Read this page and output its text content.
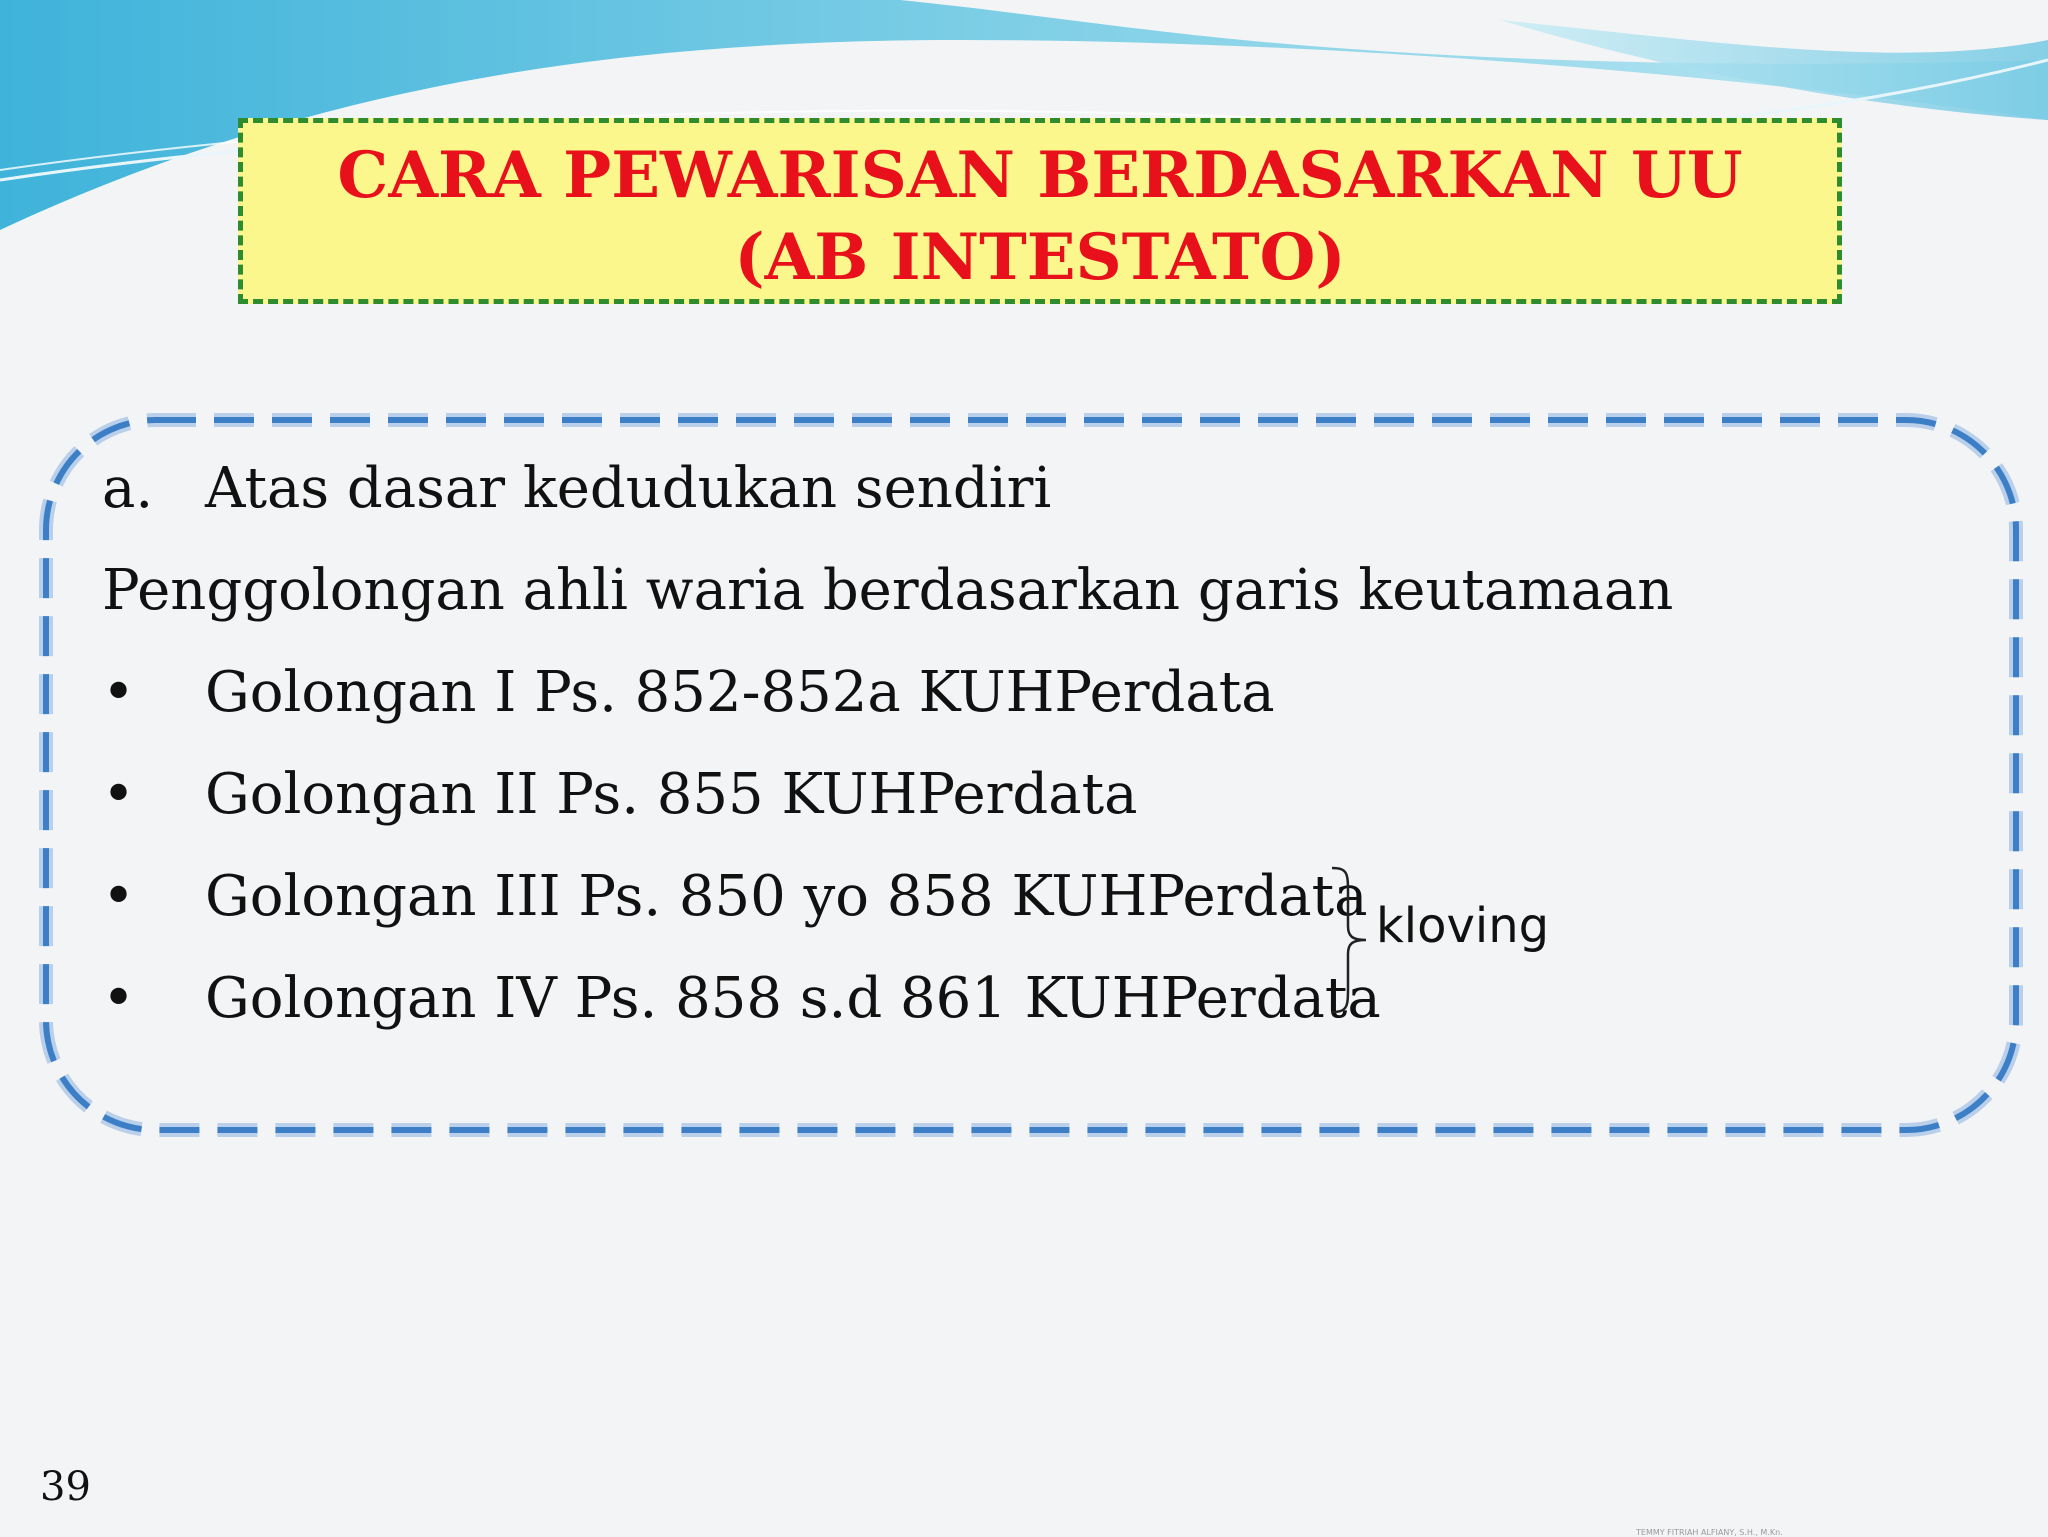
CARA PEWARISAN BERDASARKAN UU
(AB INTESTATO)
a. Atas dasar kedudukan sendiri
Penggolongan ahli waria berdasarkan garis keutamaan
• Golongan I Ps. 852-852a KUHPerdata
• Golongan II Ps. 855 KUHPerdata
• Golongan III Ps. 850 yo 858 KUHPerdata
• Golongan IV Ps. 858 s.d 861 KUHPerdata
kloving
39
TEMMY FITRIAH ALFIANY, S.H., M.Kn.
